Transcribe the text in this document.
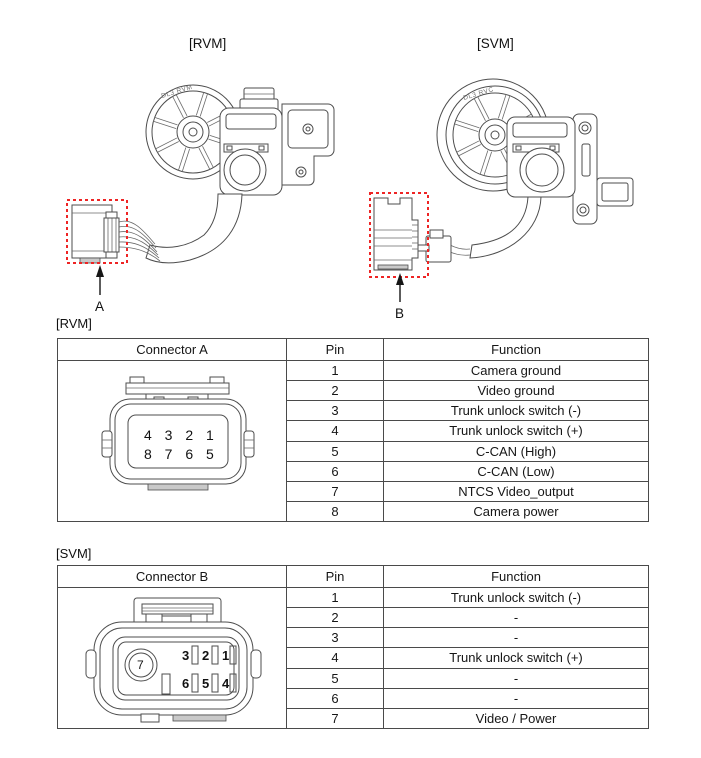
[RVM]	[SVM]
DL3 RVM
A
DL3 RVC
B
[RVM]
Connector A	Pin	Function

4 3 2 1
8 7 6 5	1	Camera ground
	2	Video ground
	3	Trunk unlock switch (-)
	4	Trunk unlock switch (+)
	5	C-CAN (High)
	6	C-CAN (Low)
	7	NTCS Video_output
	8	Camera power
[SVM]
Connector B	Pin	Function

7
3 2 1
6 5 4
	1	Trunk unlock switch (-)
	2	-
	3	-
	4	Trunk unlock switch (+)
	5	-
	6	-
	7	Video / Power
